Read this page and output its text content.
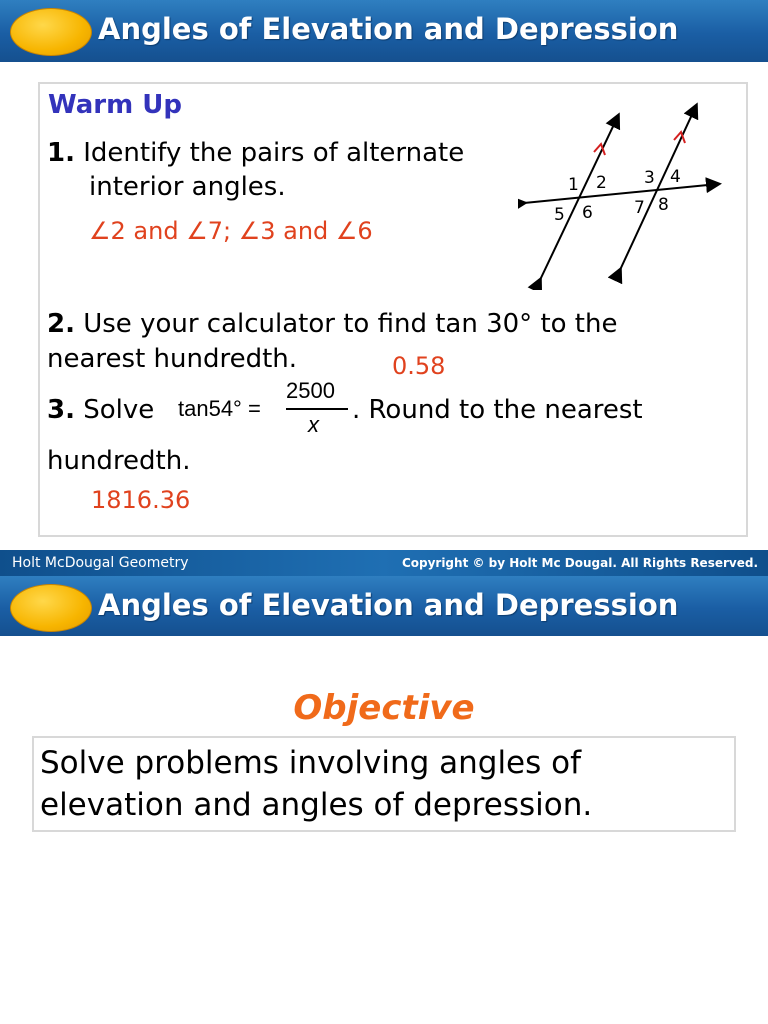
Angles of Elevation and Depression
Warm Up
1. Identify the pairs of alternate
interior angles.
∠2 and ∠7; ∠3 and ∠6
1 2 3 4
5 6 7 8
2. Use your calculator to find tan 30° to the
nearest hundredth.	0.58
3. Solve tan54° =
2500
x . Round to the nearest
hundredth.
1816.36
Holt McDougal Geometry	Copyright © by Holt Mc Dougal. All Rights Reserved.
Angles of Elevation and Depression
Objective
Solve problems involving angles of elevation and angles of depression.
